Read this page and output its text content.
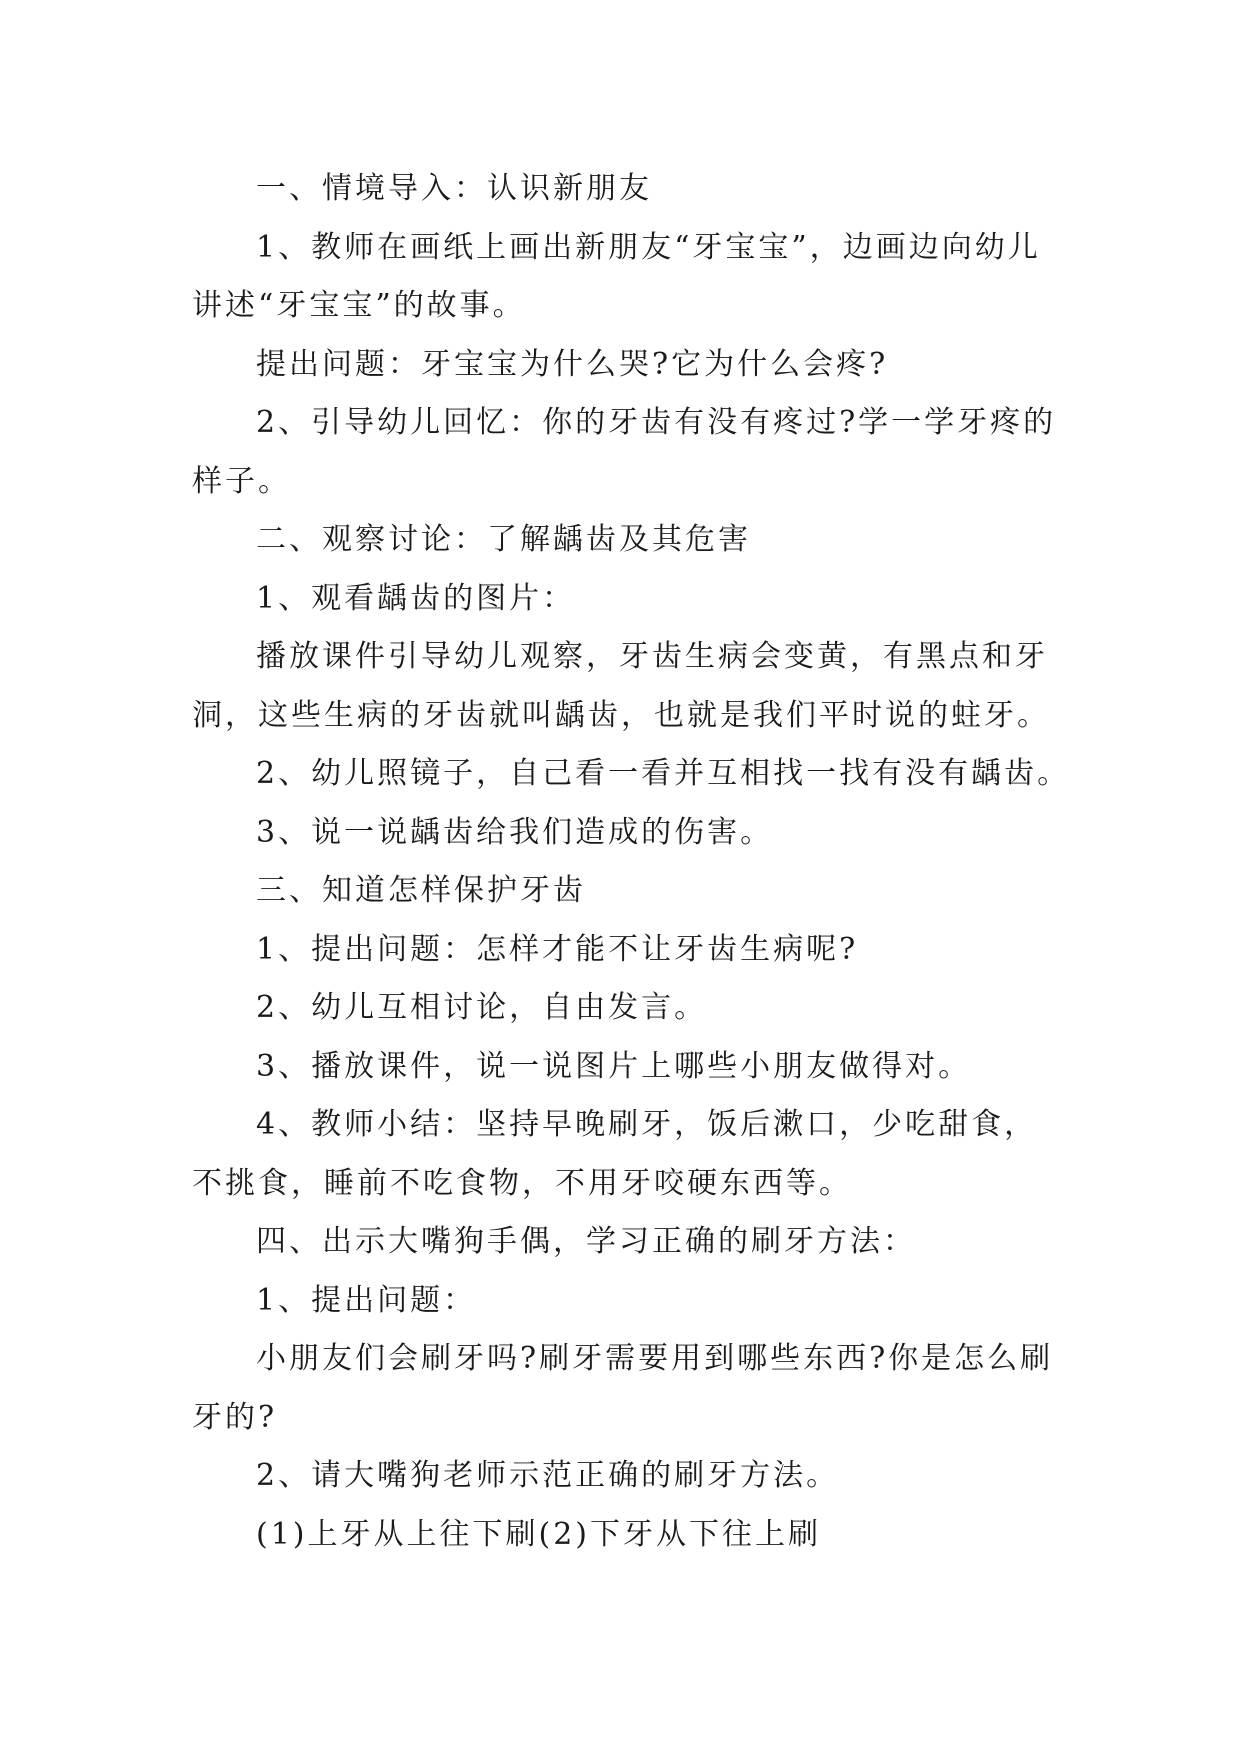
一、情境导入：认识新朋友
1、教师在画纸上画出新朋友“牙宝宝”，边画边向幼儿
讲述“牙宝宝”的故事。
提出问题：牙宝宝为什么哭?它为什么会疼?
2、引导幼儿回忆：你的牙齿有没有疼过?学一学牙疼的
样子。
二、观察讨论：了解龋齿及其危害
1、观看龋齿的图片：
播放课件引导幼儿观察，牙齿生病会变黄，有黑点和牙
洞，这些生病的牙齿就叫龋齿，也就是我们平时说的蛀牙。
2、幼儿照镜子，自己看一看并互相找一找有没有龋齿。
3、说一说龋齿给我们造成的伤害。
三、知道怎样保护牙齿
1、提出问题：怎样才能不让牙齿生病呢?
2、幼儿互相讨论，自由发言。
3、播放课件，说一说图片上哪些小朋友做得对。
4、教师小结：坚持早晚刷牙，饭后漱口，少吃甜食，
不挑食，睡前不吃食物，不用牙咬硬东西等。
四、出示大嘴狗手偶，学习正确的刷牙方法：
1、提出问题：
小朋友们会刷牙吗?刷牙需要用到哪些东西?你是怎么刷
牙的?
2、请大嘴狗老师示范正确的刷牙方法。
(1)上牙从上往下刷(2)下牙从下往上刷
